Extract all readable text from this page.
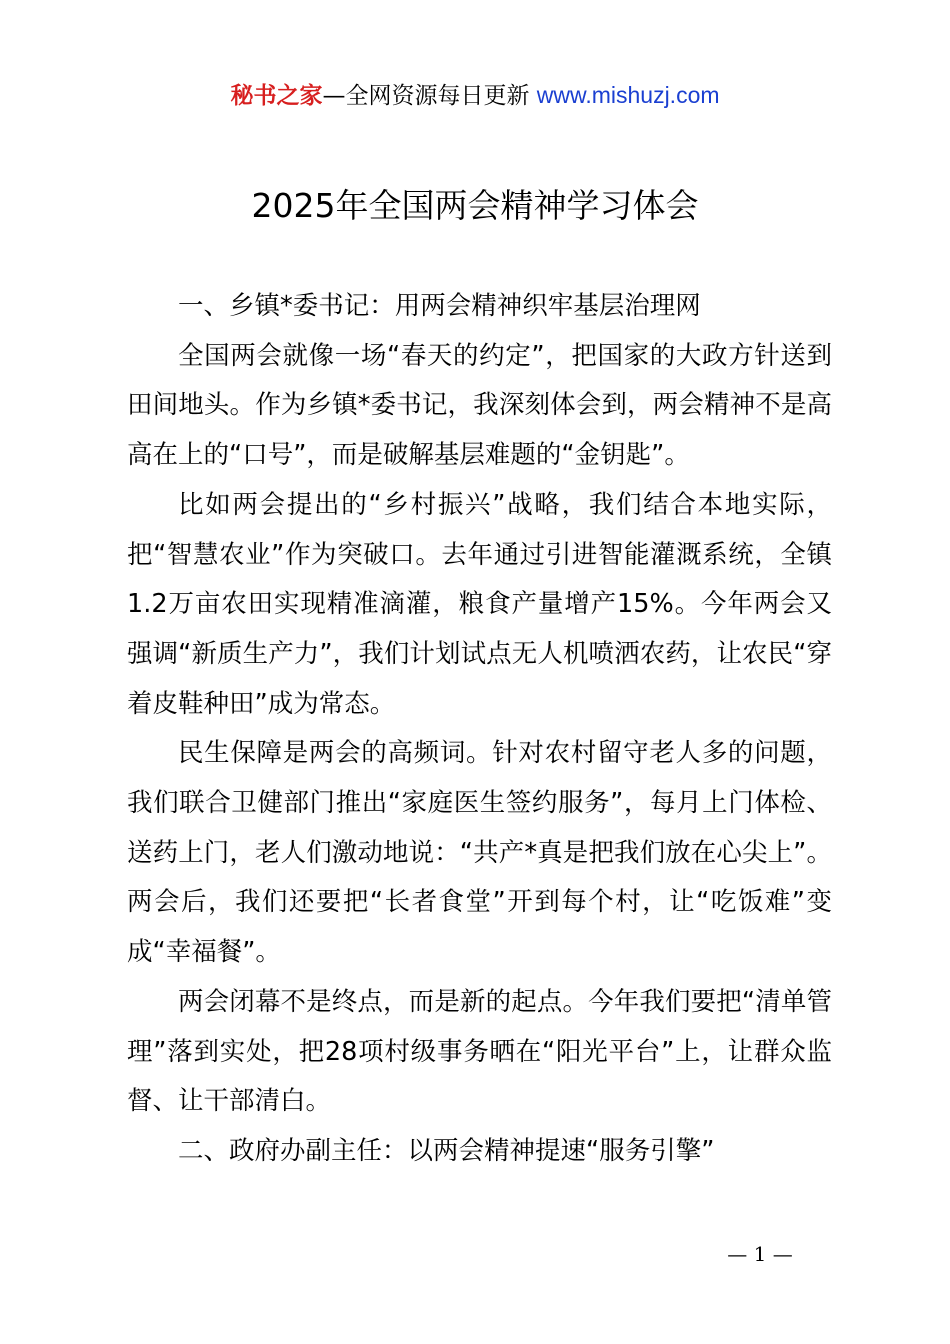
秘书之家—全网资源每日更新 www.mishuzj.com
2025年全国两会精神学习体会

一、乡镇*委书记：用两会精神织牢基层治理网

全国两会就像一场“春天的约定”，把国家的大政方针送到田间地头。作为乡镇*委书记，我深刻体会到，两会精神不是高高在上的“口号”，而是破解基层难题的“金钥匙”。

比如两会提出的“乡村振兴”战略，我们结合本地实际，把“智慧农业”作为突破口。去年通过引进智能灌溉系统，全镇1.2万亩农田实现精准滴灌，粮食产量增产15%。今年两会又强调“新质生产力”，我们计划试点无人机喷洒农药，让农民“穿着皮鞋种田”成为常态。

民生保障是两会的高频词。针对农村留守老人多的问题，我们联合卫健部门推出“家庭医生签约服务”，每月上门体检、送药上门，老人们激动地说：“共产*真是把我们放在心尖上”。两会后，我们还要把“长者食堂”开到每个村，让“吃饭难”变成“幸福餐”。

两会闭幕不是终点，而是新的起点。今年我们要把“清单管理”落到实处，把28项村级事务晒在“阳光平台”上，让群众监督、让干部清白。

二、政府办副主任：以两会精神提速“服务引擎”

— 1 —
